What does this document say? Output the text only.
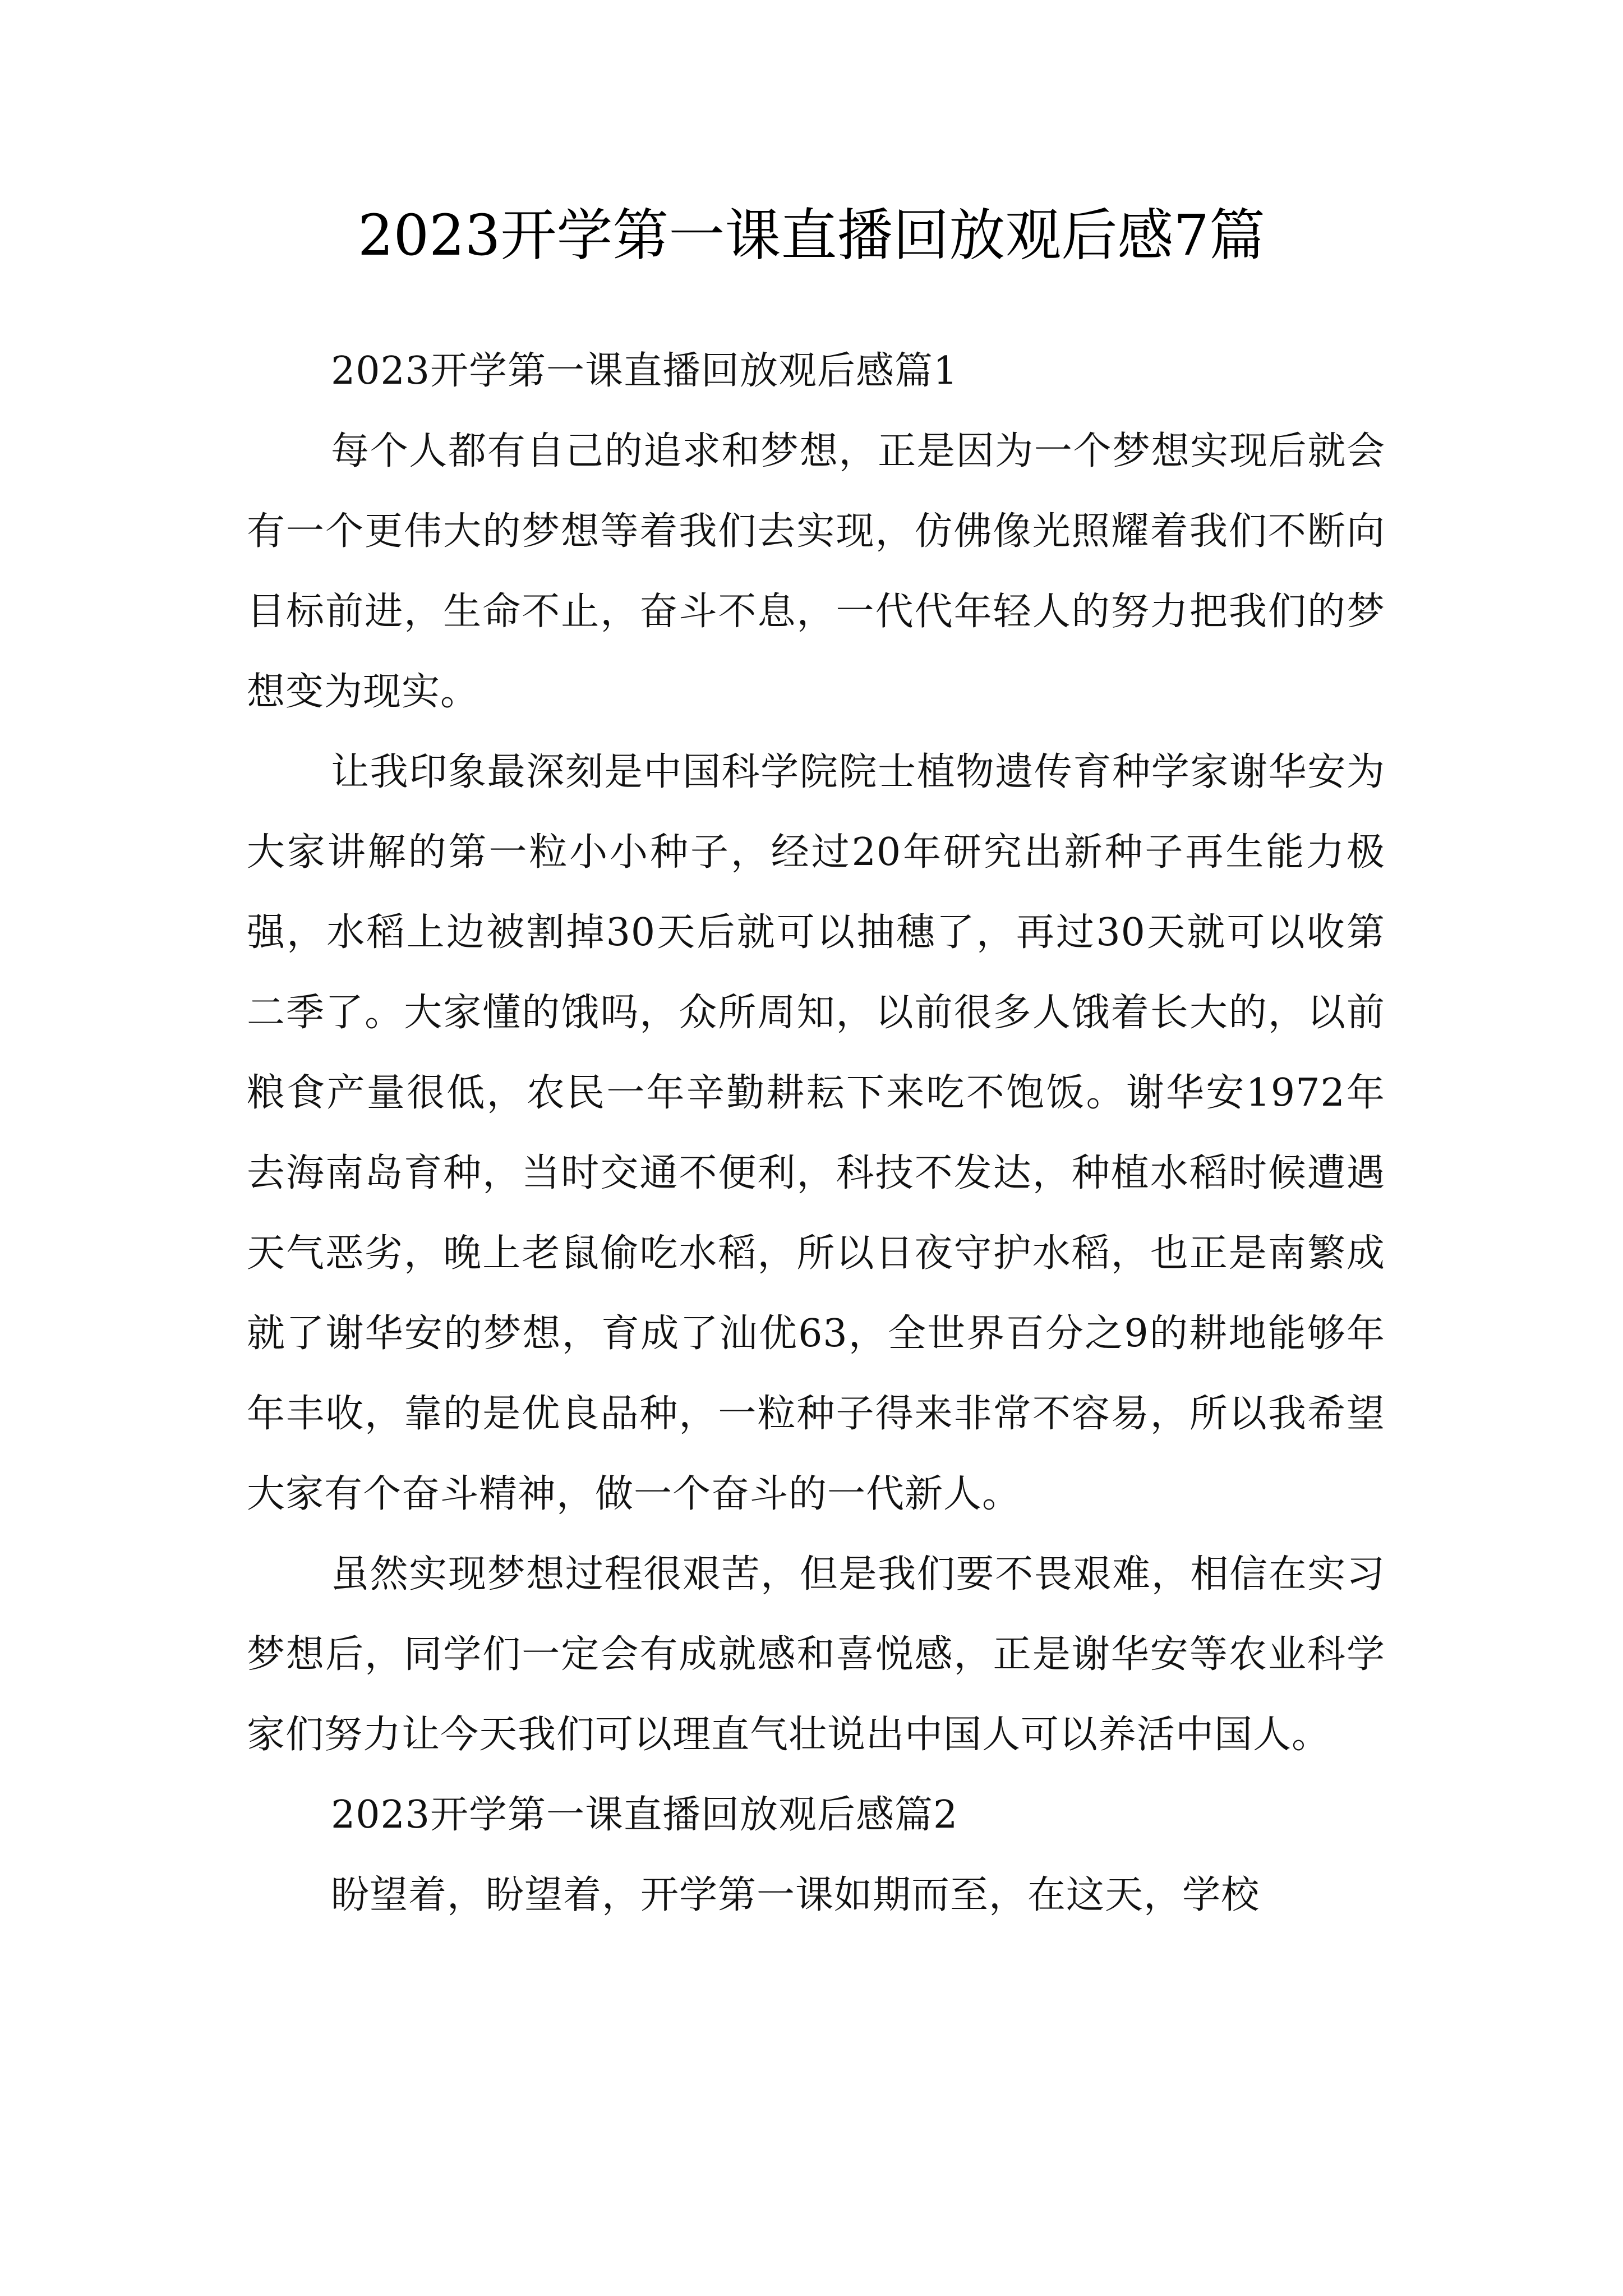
2023开学第一课直播回放观后感7篇

2023开学第一课直播回放观后感篇1

每个人都有自己的追求和梦想，正是因为一个梦想实现后就会有一个更伟大的梦想等着我们去实现，仿佛像光照耀着我们不断向目标前进，生命不止，奋斗不息，一代代年轻人的努力把我们的梦想变为现实。

让我印象最深刻是中国科学院院士植物遗传育种学家谢华安为大家讲解的第一粒小小种子，经过20年研究出新种子再生能力极强，水稻上边被割掉30天后就可以抽穗了，再过30天就可以收第二季了。大家懂的饿吗，众所周知，以前很多人饿着长大的，以前粮食产量很低，农民一年辛勤耕耘下来吃不饱饭。谢华安1972年去海南岛育种，当时交通不便利，科技不发达，种植水稻时候遭遇天气恶劣，晚上老鼠偷吃水稻，所以日夜守护水稻，也正是南繁成就了谢华安的梦想，育成了汕优63，全世界百分之9的耕地能够年年丰收，靠的是优良品种，一粒种子得来非常不容易，所以我希望大家有个奋斗精神，做一个奋斗的一代新人。

虽然实现梦想过程很艰苦，但是我们要不畏艰难，相信在实习梦想后，同学们一定会有成就感和喜悦感，正是谢华安等农业科学家们努力让今天我们可以理直气壮说出中国人可以养活中国人。

2023开学第一课直播回放观后感篇2

盼望着，盼望着，开学第一课如期而至，在这天，学校
